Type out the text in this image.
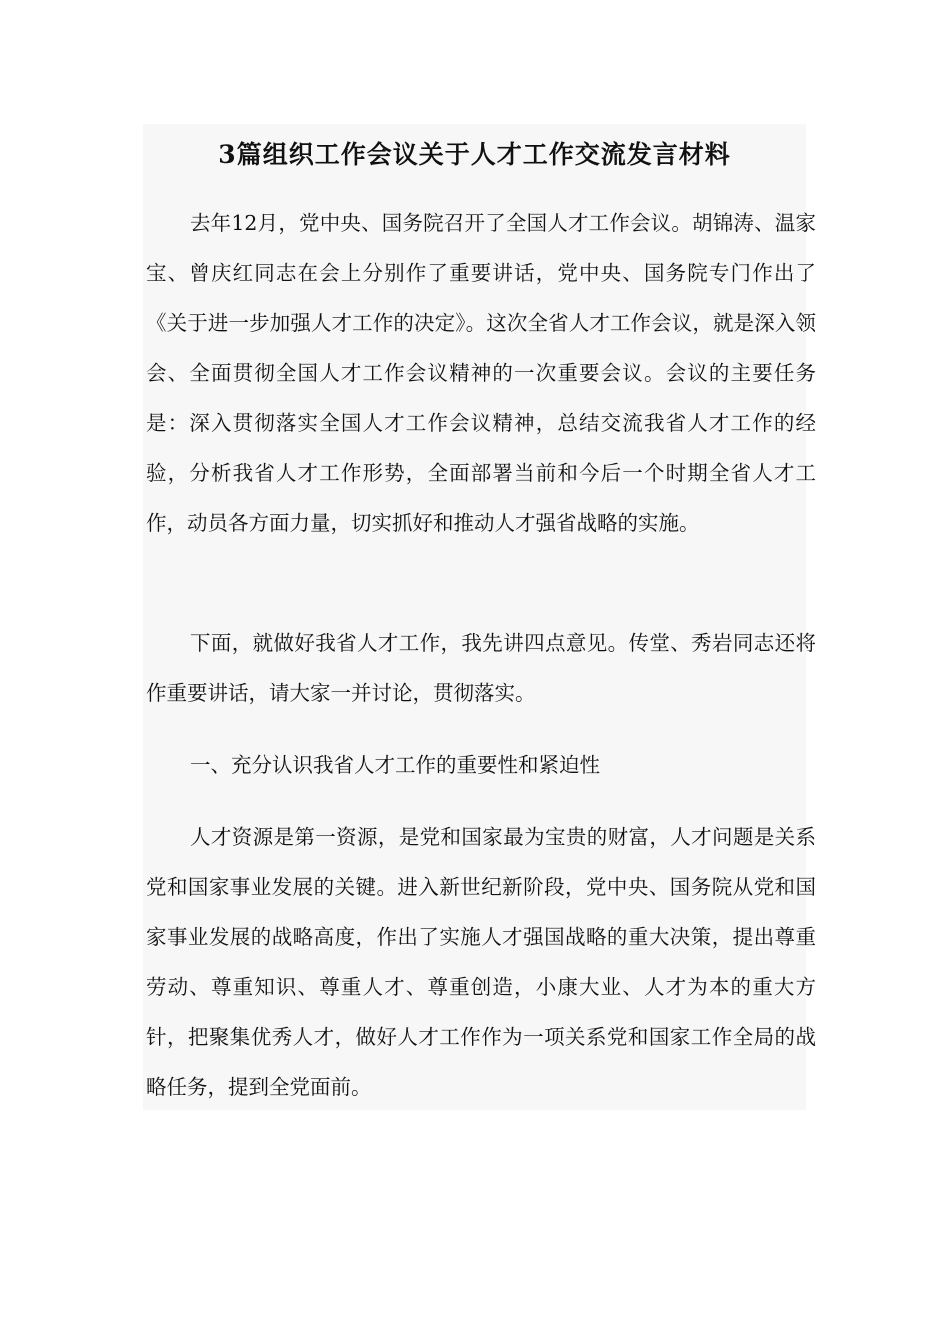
3篇组织工作会议关于人才工作交流发言材料

去年12月，党中央、国务院召开了全国人才工作会议。胡锦涛、温家宝、曾庆红同志在会上分别作了重要讲话，党中央、国务院专门作出了《关于进一步加强人才工作的决定》。这次全省人才工作会议，就是深入领会、全面贯彻全国人才工作会议精神的一次重要会议。会议的主要任务是：深入贯彻落实全国人才工作会议精神，总结交流我省人才工作的经验，分析我省人才工作形势，全面部署当前和今后一个时期全省人才工作，动员各方面力量，切实抓好和推动人才强省战略的实施。

下面，就做好我省人才工作，我先讲四点意见。传堂、秀岩同志还将作重要讲话，请大家一并讨论，贯彻落实。

一、充分认识我省人才工作的重要性和紧迫性

人才资源是第一资源，是党和国家最为宝贵的财富，人才问题是关系党和国家事业发展的关键。进入新世纪新阶段，党中央、国务院从党和国家事业发展的战略高度，作出了实施人才强国战略的重大决策，提出尊重劳动、尊重知识、尊重人才、尊重创造，小康大业、人才为本的重大方针，把聚集优秀人才，做好人才工作作为一项关系党和国家工作全局的战略任务，提到全党面前。
